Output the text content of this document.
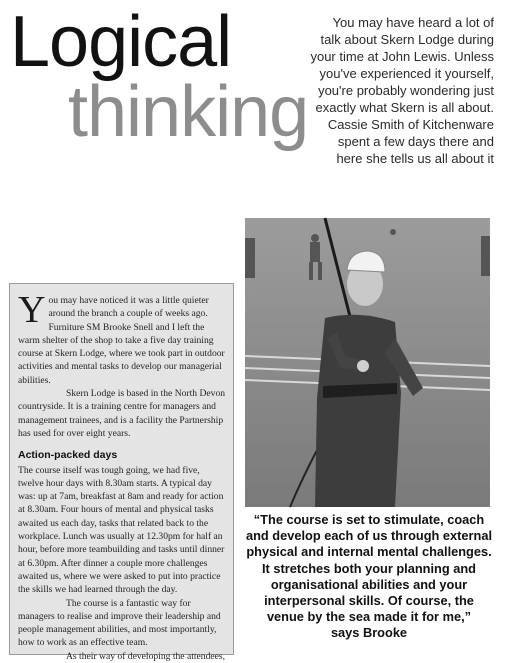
Logical
thinking

You may have heard a lot of talk about Skern Lodge during your time at John Lewis. Unless you've experienced it yourself, you're probably wondering just exactly what Skern is all about. Cassie Smith of Kitchenware spent a few days there and here she tells us all about it

Y ou may have noticed it was a little quieter around the branch a couple of weeks ago. Furniture SM Brooke Snell and I left the warm shelter of the shop to take a five day training course at Skern Lodge, where we took part in outdoor activities and mental tasks to develop our managerial abilities.

Skern Lodge is based in the North Devon countryside. It is a training centre for managers and management trainees, and is a facility the Partnership has used for over eight years.

Action-packed days

The course itself was tough going, we had five, twelve hour days with 8.30am starts. A typical day was: up at 7am, breakfast at 8am and ready for action at 8.30am. Four hours of mental and physical tasks awaited us each day, tasks that related back to the workplace. Lunch was usually at 12.30pm for half an hour, before more teambuilding and tasks until dinner at 6.30pm. After dinner a couple more challenges awaited us, where we were asked to put into practice the skills we had learned through the day.

The course is a fantastic way for managers to realise and improve their leadership and people management abilities, and most importantly, how to work as an effective team.

As their way of developing the attendees,

“The course is set to stimulate, coach and develop each of us through external physical and internal mental challenges. It stretches both your planning and organisational abilities and your interpersonal skills. Of course, the venue by the sea made it for me,”

says Brooke
